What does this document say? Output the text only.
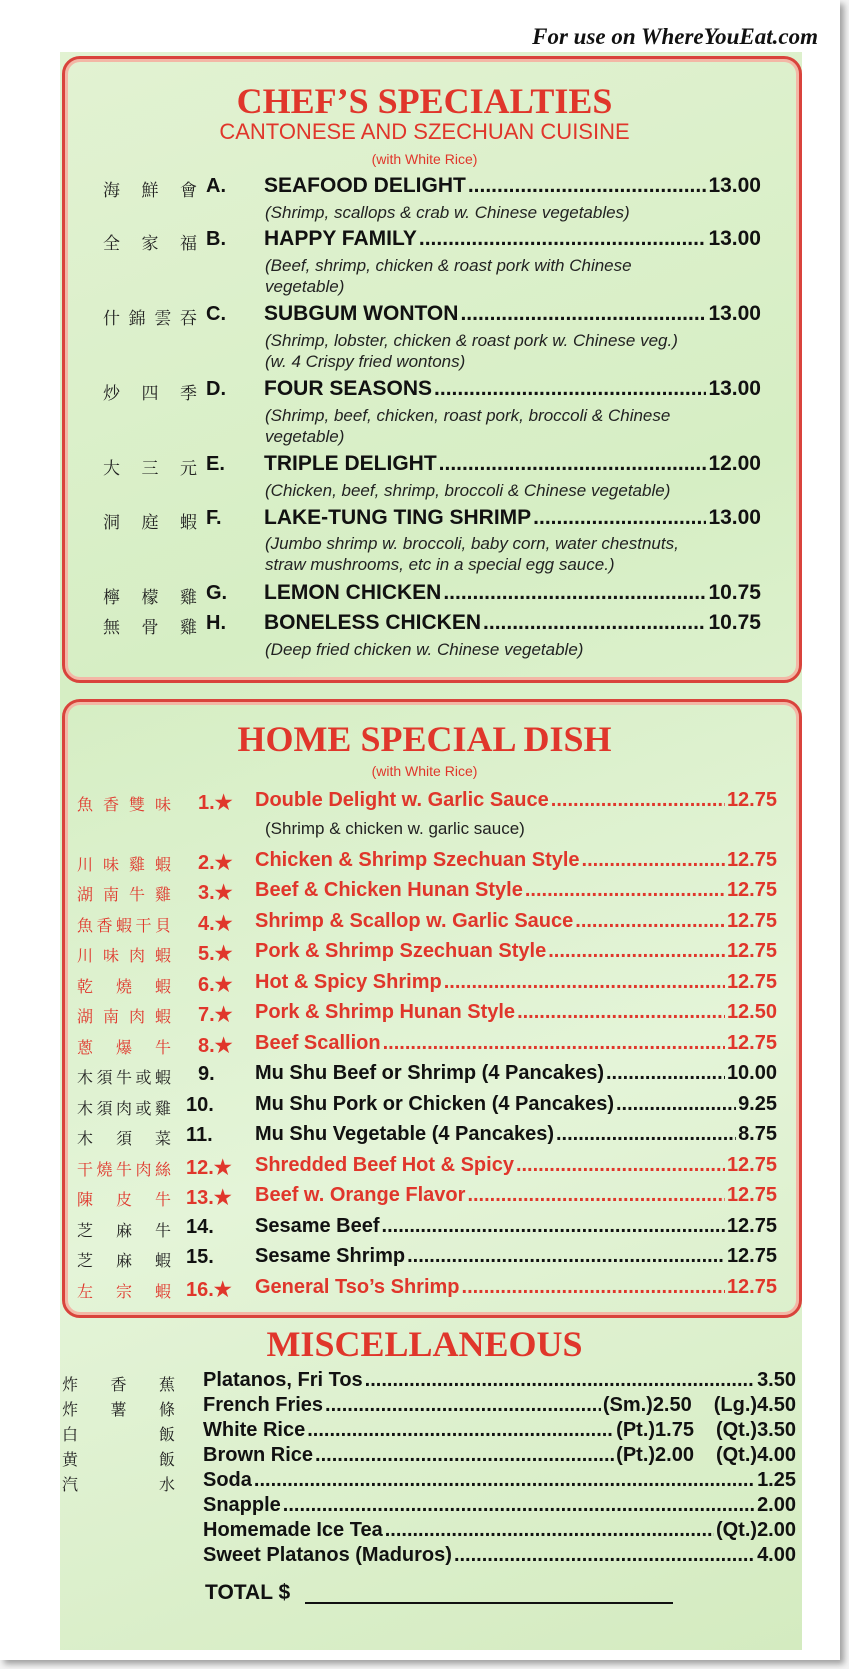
For use on WhereYouEat.com
CHEF’S SPECIALTIES
CANTONESE AND SZECHUAN CUISINE
(with White Rice)
海鮮會 A. SEAFOOD DELIGHT .....	13.00
(Shrimp, scallops & crab w. Chinese vegetables)
全家福 B. HAPPY FAMILY .....	13.00
(Beef, shrimp, chicken & roast pork with Chinese
vegetable)
什錦雲吞 C. SUBGUM WONTON .....	13.00
(Shrimp, lobster, chicken & roast pork w. Chinese veg.)
(w. 4 Crispy fried wontons)
炒四季 D. FOUR SEASONS .....	13.00
(Shrimp, beef, chicken, roast pork, broccoli & Chinese
vegetable)
大三元 E. TRIPLE DELIGHT .....	12.00
(Chicken, beef, shrimp, broccoli & Chinese vegetable)
洞庭蝦 F. LAKE-TUNG TING SHRIMP .....	13.00
(Jumbo shrimp w. broccoli, baby corn, water chestnuts,
straw mushrooms, etc in a special egg sauce.)
檸檬雞 G. LEMON CHICKEN .....	10.75
無骨雞 H. BONELESS CHICKEN .....	10.75
(Deep fried chicken w. Chinese vegetable)
HOME SPECIAL DISH
(with White Rice)
魚香雙味 1.★ Double Delight w. Garlic Sauce .....	12.75
(Shrimp & chicken w. garlic sauce)
川味雞蝦 2.★ Chicken & Shrimp Szechuan Style .....	12.75
湖南牛雞 3.★ Beef & Chicken Hunan Style .....	12.75
魚香蝦干貝 4.★ Shrimp & Scallop w. Garlic Sauce .....	12.75
川味肉蝦 5.★ Pork & Shrimp Szechuan Style .....	12.75
乾燒蝦 6.★ Hot & Spicy Shrimp .....	12.75
湖南肉蝦 7.★ Pork & Shrimp Hunan Style .....	12.50
蔥爆牛 8.★ Beef Scallion .....	12.75
木須牛或蝦 9. Mu Shu Beef or Shrimp (4 Pancakes) .....	10.00
木須肉或雞 10. Mu Shu Pork or Chicken (4 Pancakes) .....	9.25
木須菜 11. Mu Shu Vegetable (4 Pancakes) .....	8.75
干燒牛肉絲 12.★ Shredded Beef Hot & Spicy .....	12.75
陳皮牛 13.★ Beef w. Orange Flavor .....	12.75
芝麻牛 14. Sesame Beef .....	12.75
芝麻蝦 15. Sesame Shrimp .....	12.75
左宗蝦 16.★ General Tso’s Shrimp .....	12.75
MISCELLANEOUS
炸香蕉 Platanos, Fri Tos .....	3.50
炸薯條 French Fries .....	(Sm.)2.50 (Lg.)4.50
白飯 White Rice .....	(Pt.)1.75 (Qt.)3.50
黄飯 Brown Rice .....	(Pt.)2.00 (Qt.)4.00
汽水 Soda .....	1.25
Snapple .....	2.00
Homemade Ice Tea .....	(Qt.)2.00
Sweet Platanos (Maduros) .....	4.00
TOTAL $
